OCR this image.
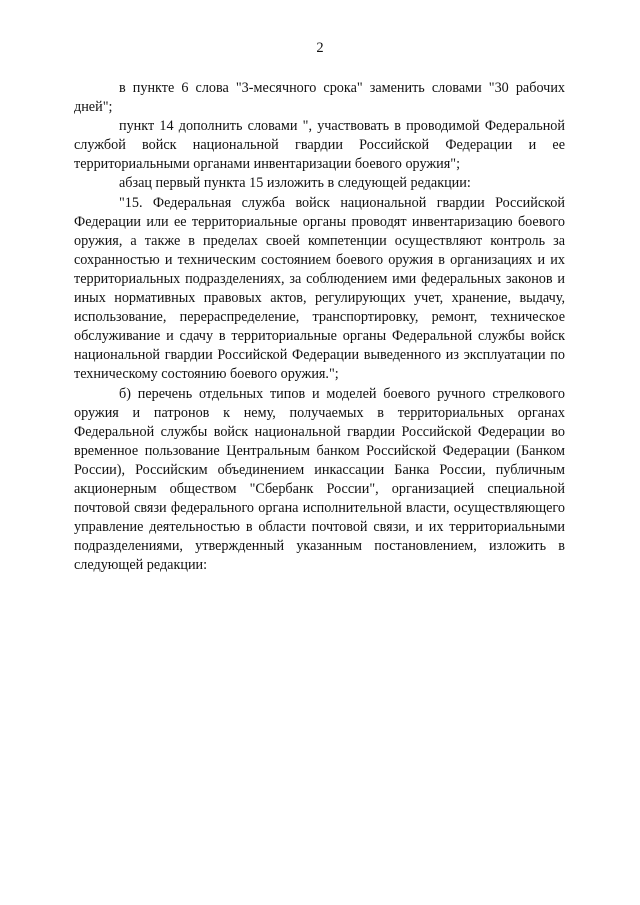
2

в пункте 6 слова "3-месячного срока" заменить словами "30 рабочих дней";

пункт 14 дополнить словами ", участвовать в проводимой Федеральной службой войск национальной гвардии Российской Федерации и ее территориальными органами инвентаризации боевого оружия";

абзац первый пункта 15 изложить в следующей редакции:

"15. Федеральная служба войск национальной гвардии Российской Федерации или ее территориальные органы проводят инвентаризацию боевого оружия, а также в пределах своей компетенции осуществляют контроль за сохранностью и техническим состоянием боевого оружия в организациях и их территориальных подразделениях, за соблюдением ими федеральных законов и иных нормативных правовых актов, регулирующих учет, хранение, выдачу, использование, перераспределение, транспортировку, ремонт, техническое обслуживание и сдачу в территориальные органы Федеральной службы войск национальной гвардии Российской Федерации выведенного из эксплуатации по техническому состоянию боевого оружия.";

б) перечень отдельных типов и моделей боевого ручного стрелкового оружия и патронов к нему, получаемых в территориальных органах Федеральной службы войск национальной гвардии Российской Федерации во временное пользование Центральным банком Российской Федерации (Банком России), Российским объединением инкассации Банка России, публичным акционерным обществом "Сбербанк России", организацией специальной почтовой связи федерального органа исполнительной власти, осуществляющего управление деятельностью в области почтовой связи, и их территориальными подразделениями, утвержденный указанным постановлением, изложить в следующей редакции:
